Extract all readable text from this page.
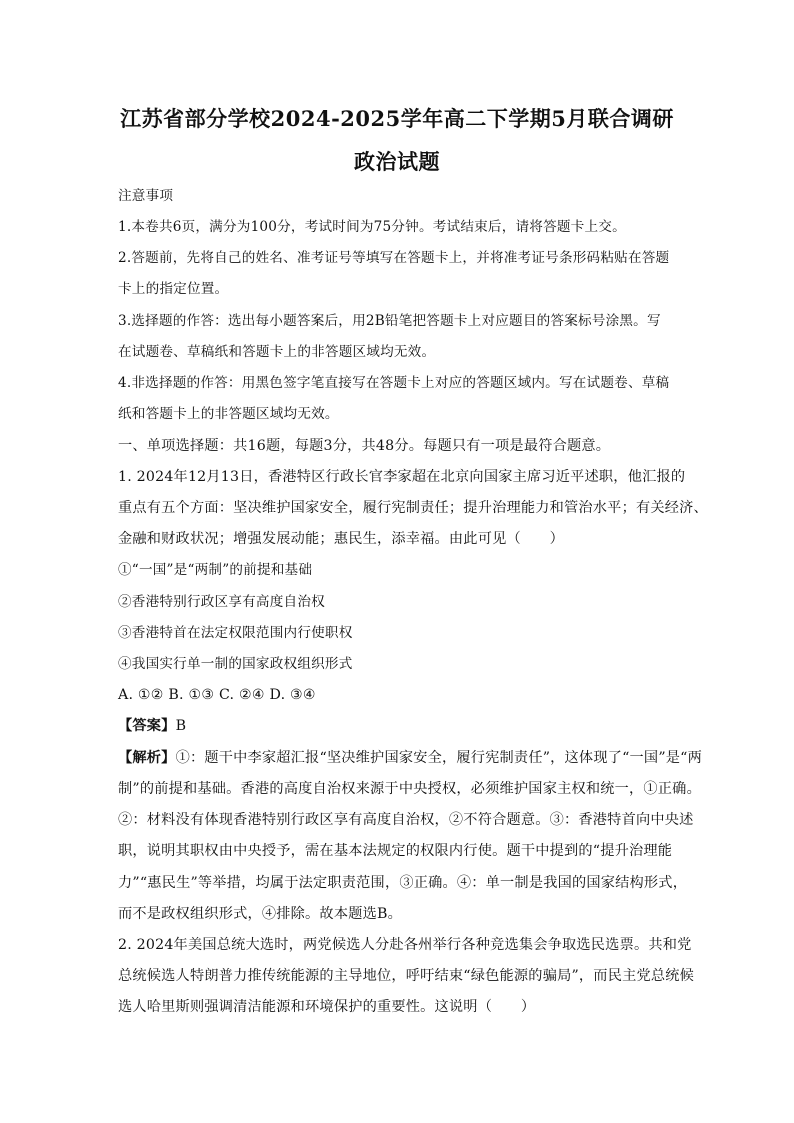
江苏省部分学校2024-2025学年高二下学期5月联合调研
政治试题
注意事项
1.本卷共6页，满分为100分，考试时间为75分钟。考试结束后，请将答题卡上交。
2.答题前，先将自己的姓名、准考证号等填写在答题卡上，并将准考证号条形码粘贴在答题
卡上的指定位置。
3.选择题的作答：选出每小题答案后，用2B铅笔把答题卡上对应题目的答案标号涂黑。写
在试题卷、草稿纸和答题卡上的非答题区域均无效。
4.非选择题的作答：用黑色签字笔直接写在答题卡上对应的答题区域内。写在试题卷、草稿
纸和答题卡上的非答题区域均无效。
一、单项选择题：共16题，每题3分，共48分。每题只有一项是最符合题意。
1. 2024年12月13日，香港特区行政长官李家超在北京向国家主席习近平述职，他汇报的
重点有五个方面：坚决维护国家安全，履行宪制责任；提升治理能力和管治水平；有关经济、
金融和财政状况；增强发展动能；惠民生，添幸福。由此可见（　　）
①“一国”是“两制”的前提和基础
②香港特别行政区享有高度自治权
③香港特首在法定权限范围内行使职权
④我国实行单一制的国家政权组织形式
A. ①② B. ①③ C. ②④ D. ③④
【答案】B
【解析】①：题干中李家超汇报“坚决维护国家安全，履行宪制责任”，这体现了“一国”是“两
制”的前提和基础。香港的高度自治权来源于中央授权，必须维护国家主权和统一，①正确。
②：材料没有体现香港特别行政区享有高度自治权，②不符合题意。③：香港特首向中央述
职，说明其职权由中央授予，需在基本法规定的权限内行使。题干中提到的“提升治理能
力”“惠民生”等举措，均属于法定职责范围，③正确。④：单一制是我国的国家结构形式，
而不是政权组织形式，④排除。故本题选B。
2. 2024年美国总统大选时，两党候选人分赴各州举行各种竞选集会争取选民选票。共和党
总统候选人特朗普力推传统能源的主导地位，呼吁结束“绿色能源的骗局”，而民主党总统候
选人哈里斯则强调清洁能源和环境保护的重要性。这说明（　　）
